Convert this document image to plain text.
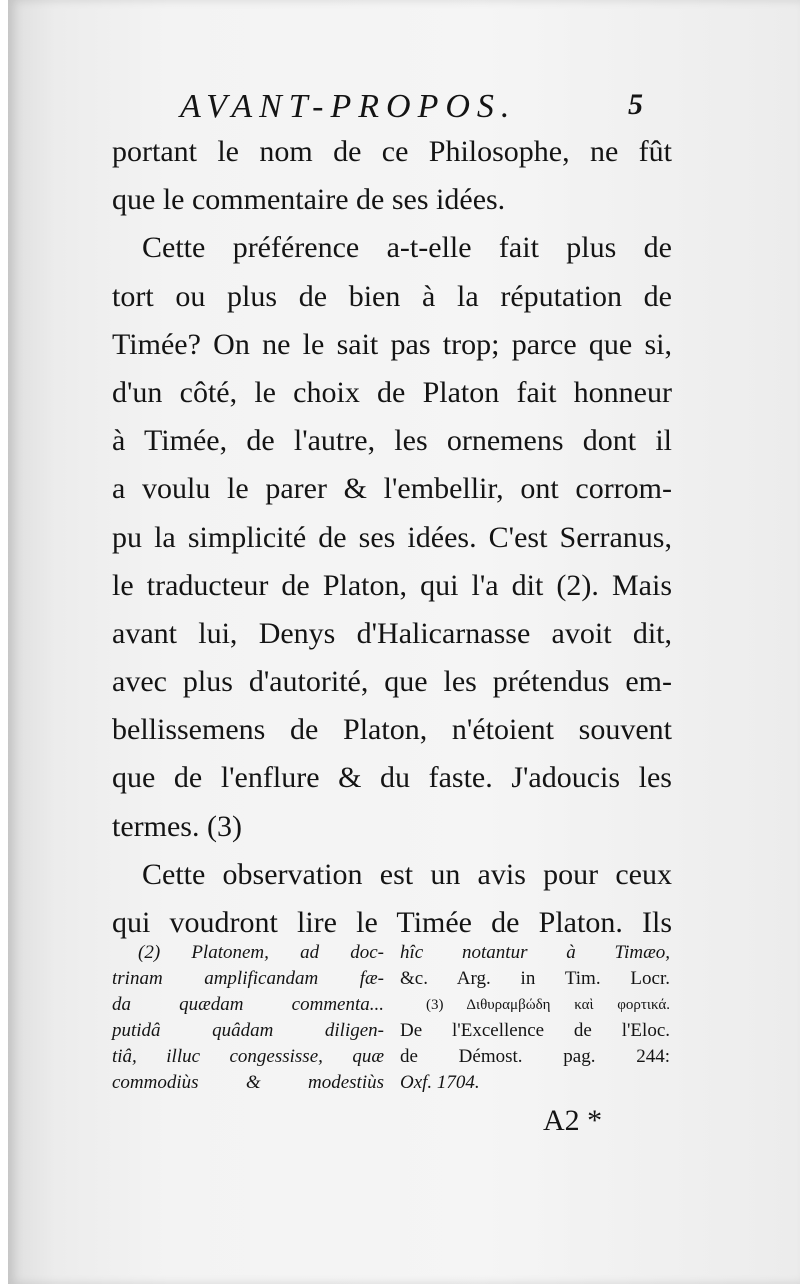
AVANT-PROPOS.	5
portant le nom de ce Philosophe, ne fût
que le commentaire de ses idées.
Cette préférence a-t-elle fait plus de
tort ou plus de bien à la réputation de
Timée? On ne le sait pas trop; parce que si,
d'un côté, le choix de Platon fait honneur
à Timée, de l'autre, les ornemens dont il
a voulu le parer & l'embellir, ont corrom-
pu la simplicité de ses idées. C'est Serranus,
le traducteur de Platon, qui l'a dit (2). Mais
avant lui, Denys d'Halicarnasse avoit dit,
avec plus d'autorité, que les prétendus em-
bellissemens de Platon, n'étoient souvent
que de l'enflure & du faste. J'adoucis les
termes. (3)
Cette observation est un avis pour ceux
qui voudront lire le Timée de Platon. Ils
(2) Platonem, ad doc-
trinam amplificandam fæ-
da quædam commenta...
putidâ quâdam diligen-
tiâ, illuc congessisse, quæ
commodiùs & modestiùs
hîc notantur à Timæo,
&c. Arg. in Tim. Locr.
(3) Διθυραμβώδη καὶ φορτικά.
De l'Excellence de l'Eloc.
de Démost. pag. 244:
Oxf. 1704.
A2 *
